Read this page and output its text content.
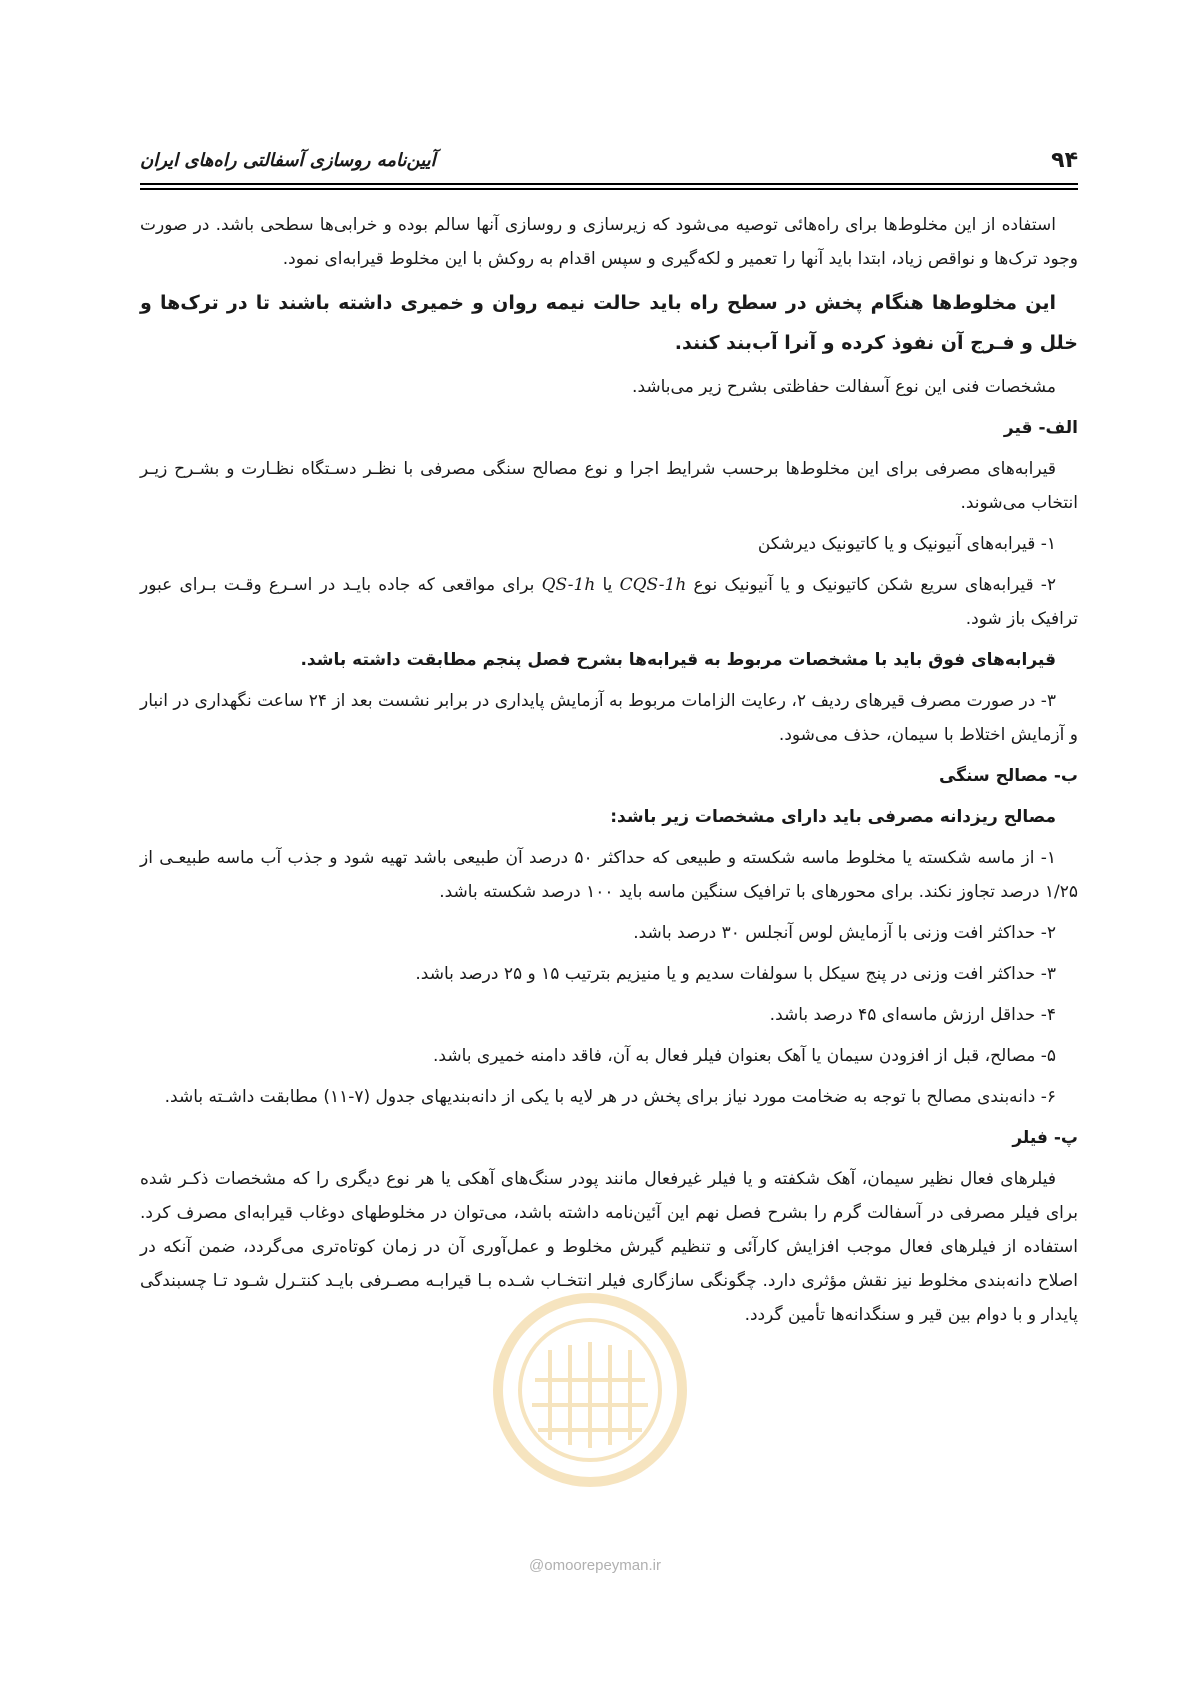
۹۴
آیین‌نامه روسازی آسفالتی راه‌های ایران

استفاده از این مخلوط‌ها برای راه‌هائی توصیه می‌شود که زیرسازی و روسازی آنها سالم بوده و خرابی‌ها سطحی باشد. در صورت وجود ترک‌ها و نواقص زیاد، ابتدا باید آنها را تعمیر و لکه‌گیری و سپس اقدام به روکش با این مخلوط قیرابه‌ای نمود.

این مخلوط‌ها هنگام پخش در سطح راه باید حالت نیمه روان و خمیری داشته باشند تا در ترک‌ها و خلل و فـرج آن نفوذ کرده و آنرا آب‌بند کنند.

مشخصات فنی این نوع آسفالت حفاظتی بشرح زیر می‌باشد.

الف- قیر

قیرابه‌های مصرفی برای این مخلوط‌ها برحسب شرایط اجرا و نوع مصالح سنگی مصرفی با نظـر دسـتگاه نظـارت و بشـرح زیـر انتخاب می‌شوند.

۱- قیرابه‌های آنیونیک و یا کاتیونیک دیرشکن

۲- قیرابه‌های سریع شکن کاتیونیک و یا آنیونیک نوع CQS-1h یا QS-1h برای مواقعی که جاده بایـد در اسـرع وقـت بـرای عبور ترافیک باز شود.

قیرابه‌های فوق باید با مشخصات مربوط به قیرابه‌ها بشرح فصل پنجم مطابقت داشته باشد.

۳- در صورت مصرف قیرهای ردیف ۲، رعایت الزامات مربوط به آزمایش پایداری در برابر نشست بعد از ۲۴ ساعت نگهداری در انبار و آزمایش اختلاط با سیمان، حذف می‌شود.

ب- مصالح سنگی

مصالح ریزدانه مصرفی باید دارای مشخصات زیر باشد:

۱- از ماسه شکسته یا مخلوط ماسه شکسته و طبیعی که حداکثر ۵۰ درصد آن طبیعی باشد تهیه شود و جذب آب ماسه طبیعـی از ۱/۲۵ درصد تجاوز نکند. برای محورهای با ترافیک سنگین ماسه باید ۱۰۰ درصد شکسته باشد.

۲- حداکثر افت وزنی با آزمایش لوس آنجلس ۳۰ درصد باشد.

۳- حداکثر افت وزنی در پنج سیکل با سولفات سدیم و یا منیزیم بترتیب ۱۵ و ۲۵ درصد باشد.

۴- حداقل ارزش ماسه‌ای ۴۵ درصد باشد.

۵- مصالح، قبل از افزودن سیمان یا آهک بعنوان فیلر فعال به آن، فاقد دامنه خمیری باشد.

۶- دانه‌بندی مصالح با توجه به ضخامت مورد نیاز برای پخش در هر لایه با یکی از دانه‌بندیهای جدول (۷-۱۱) مطابقت داشـته باشد.

پ- فیلر

فیلرهای فعال نظیر سیمان، آهک شکفته و یا فیلر غیرفعال مانند پودر سنگ‌های آهکی یا هر نوع دیگری را که مشخصات ذکـر شده برای فیلر مصرفی در آسفالت گرم را بشرح فصل نهم این آئین‌نامه داشته باشد، می‌توان در مخلوطهای دوغاب قیرابه‌ای مصرف کرد. استفاده از فیلرهای فعال موجب افزایش کارآئی و تنظیم گیرش مخلوط و عمل‌آوری آن در زمان کوتاه‌تری می‌گردد، ضمن آنکه در اصلاح دانه‌بندی مخلوط نیز نقش مؤثری دارد. چگونگی سازگاری فیلر انتخـاب شـده بـا قیرابـه مصـرفی بایـد کنتـرل شـود تـا چسبندگی پایدار و با دوام بین قیر و سنگدانه‌ها تأمین گردد.

@omoorepeyman.ir
